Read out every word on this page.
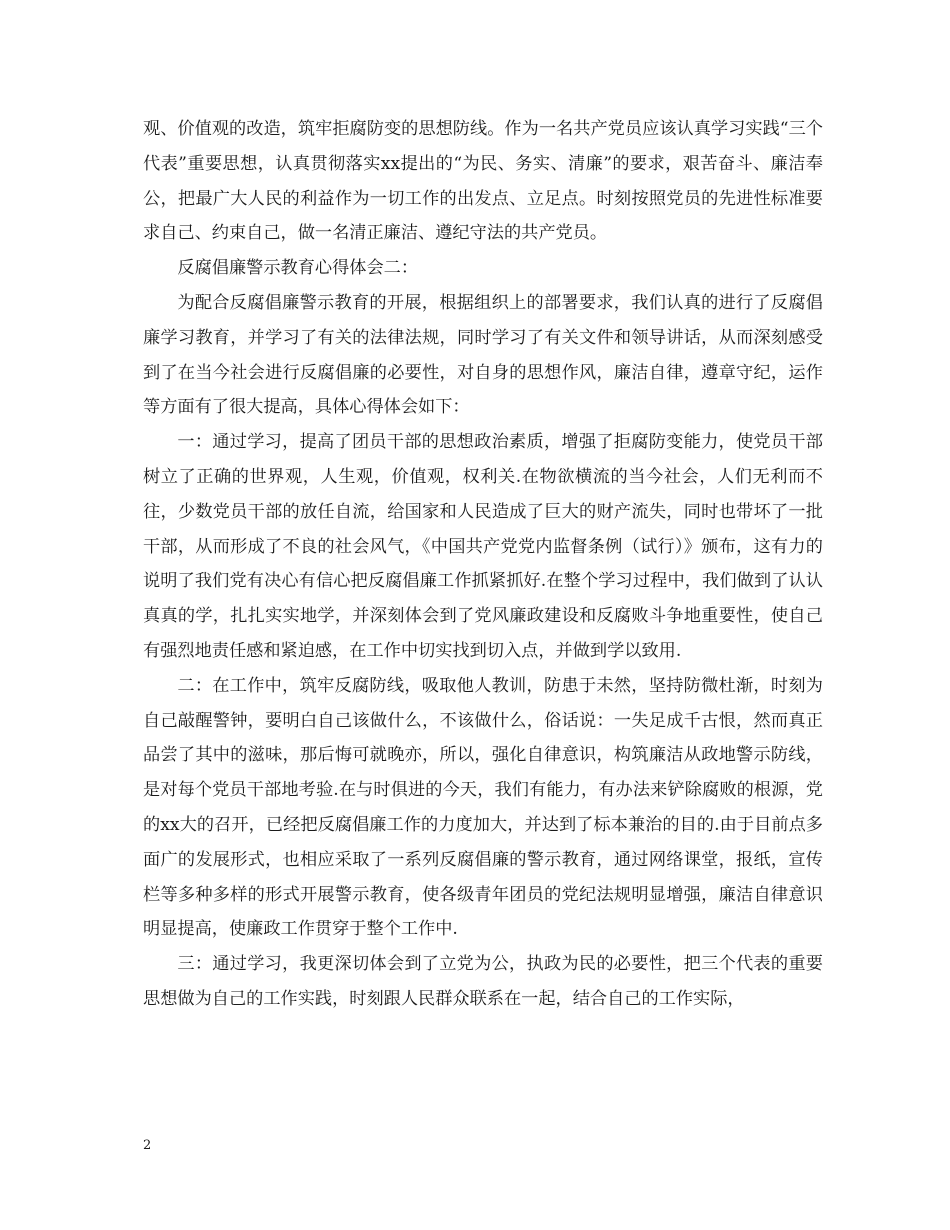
观、价值观的改造，筑牢拒腐防变的思想防线。作为一名共产党员应该认真学习实践“三个代表”重要思想，认真贯彻落实xx提出的“为民、务实、清廉”的要求，艰苦奋斗、廉洁奉公，把最广大人民的利益作为一切工作的出发点、立足点。时刻按照党员的先进性标准要求自己、约束自己，做一名清正廉洁、遵纪守法的共产党员。

反腐倡廉警示教育心得体会二：

为配合反腐倡廉警示教育的开展，根据组织上的部署要求，我们认真的进行了反腐倡廉学习教育，并学习了有关的法律法规，同时学习了有关文件和领导讲话，从而深刻感受到了在当今社会进行反腐倡廉的必要性，对自身的思想作风，廉洁自律，遵章守纪，运作等方面有了很大提高，具体心得体会如下：

一：通过学习，提高了团员干部的思想政治素质，增强了拒腐防变能力，使党员干部树立了正确的世界观，人生观，价值观，权利关.在物欲横流的当今社会，人们无利而不往，少数党员干部的放任自流，给国家和人民造成了巨大的财产流失，同时也带坏了一批干部，从而形成了不良的社会风气，《中国共产党党内监督条例（试行）》颁布，这有力的说明了我们党有决心有信心把反腐倡廉工作抓紧抓好.在整个学习过程中，我们做到了认认真真的学，扎扎实实地学，并深刻体会到了党风廉政建设和反腐败斗争地重要性，使自己有强烈地责任感和紧迫感，在工作中切实找到切入点，并做到学以致用.

二：在工作中，筑牢反腐防线，吸取他人教训，防患于未然，坚持防微杜渐，时刻为自己敲醒警钟，要明白自己该做什么，不该做什么，俗话说：一失足成千古恨，然而真正品尝了其中的滋味，那后悔可就晚亦，所以，强化自律意识，构筑廉洁从政地警示防线，是对每个党员干部地考验.在与时俱进的今天，我们有能力，有办法来铲除腐败的根源，党的xx大的召开，已经把反腐倡廉工作的力度加大，并达到了标本兼治的目的.由于目前点多面广的发展形式，也相应采取了一系列反腐倡廉的警示教育，通过网络课堂，报纸，宣传栏等多种多样的形式开展警示教育，使各级青年团员的党纪法规明显增强，廉洁自律意识明显提高，使廉政工作贯穿于整个工作中.

三：通过学习，我更深切体会到了立党为公，执政为民的必要性，把三个代表的重要思想做为自己的工作实践，时刻跟人民群众联系在一起，结合自己的工作实际，

2
